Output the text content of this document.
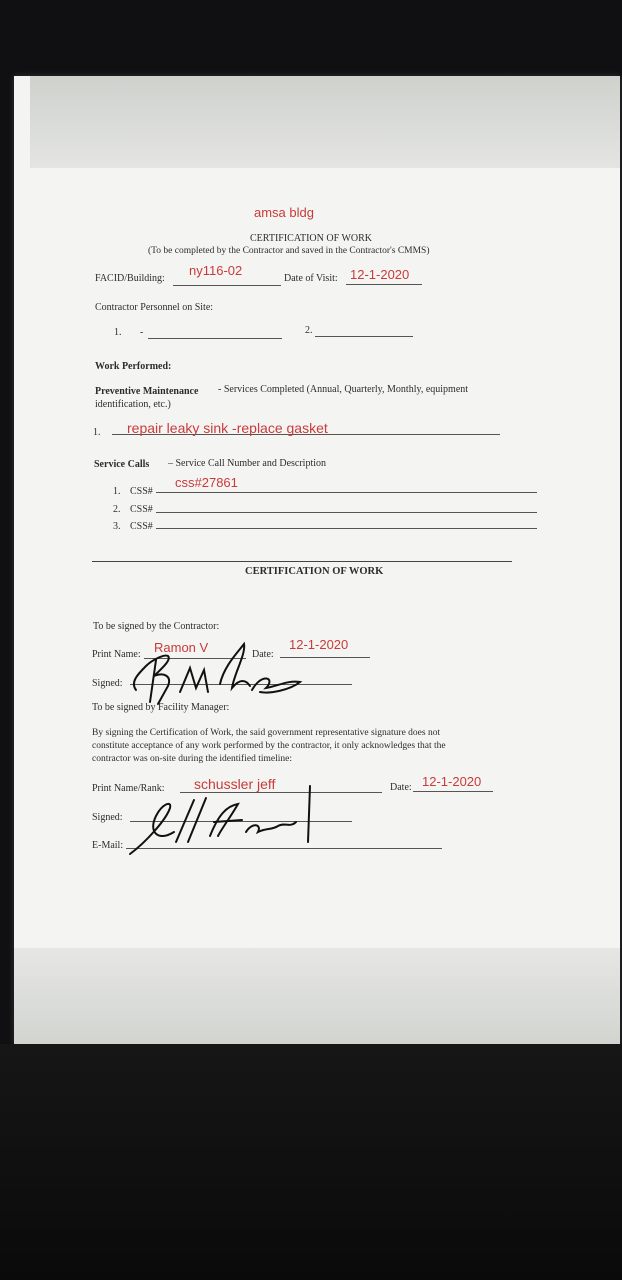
amsa bldg

CERTIFICATION OF WORK

(To be completed by the Contractor and saved in the Contractor's CMMS)

FACID/Building:

ny116-02

Date of Visit: 12-1-2020

Contractor Personnel on Site:

1. -	2.

Work Performed:

Preventive Maintenance - Services Completed (Annual, Quarterly, Monthly, equipment

identification, etc.)

1. repair leaky sink -replace gasket

Service Calls – Service Call Number and Description

1. CSS#

css#27861

2. CSS#

3. CSS#

CERTIFICATION OF WORK

To be signed by the Contractor:

Print Name: Ramon V	Date:

12-1-2020

Signed:

To be signed by Facility Manager:

By signing the Certification of Work, the said government representative signature does not

constitute acceptance of any work performed by the contractor, it only acknowledges that the

contractor was on-site during the identified timeline:

Print Name/Rank: schussler jeff	Date: 12-1-2020

Signed:

E-Mail:
